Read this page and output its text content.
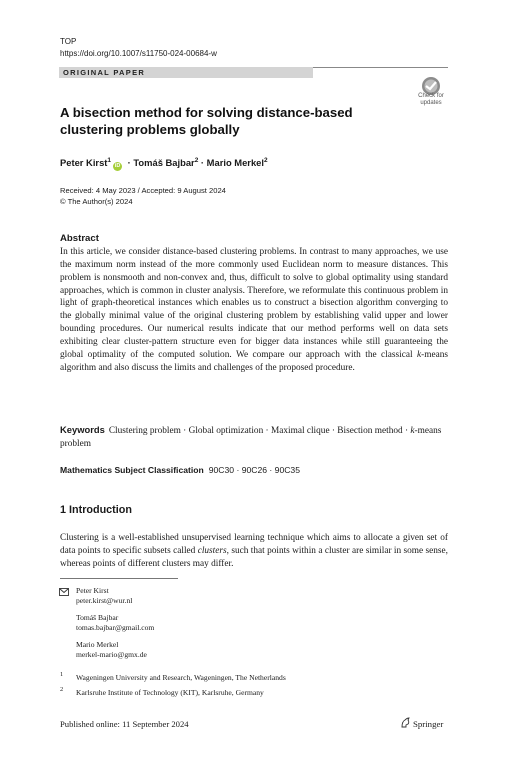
TOP
https://doi.org/10.1007/s11750-024-00684-w
ORIGINAL PAPER
Check for updates
A bisection method for solving distance-based clustering problems globally
Peter Kirst$^1$iD · Tomáš Bajbar$^2$ · Mario Merkel$^2$
Received: 4 May 2023 / Accepted: 9 August 2024
© The Author(s) 2024
Abstract
In this article, we consider distance-based clustering problems. In contrast to many approaches, we use the maximum norm instead of the more commonly used Euclidean norm to measure distances. This problem is nonsmooth and non-convex and, thus, difficult to solve to global optimality using standard approaches, which is common in cluster analysis. Therefore, we reformulate this continuous problem in light of graph-theoretical instances which enables us to construct a bisection algorithm converging to the globally minimal value of the original clustering problem by establishing valid upper and lower bounding procedures. Our numerical results indicate that our method performs well on data sets exhibiting clear cluster-pattern structure even for bigger data instances while still guaranteeing the global optimality of the computed solution. We compare our approach with the classical k-means algorithm and also discuss the limits and challenges of the proposed procedure.
Keywords Clustering problem · Global optimization · Maximal clique · Bisection method · k-means problem
Mathematics Subject Classification 90C30 · 90C26 · 90C35
1 Introduction
Clustering is a well-established unsupervised learning technique which aims to allocate a given set of data points to specific subsets called clusters, such that points within a cluster are similar in some sense, whereas points of different clusters may differ.
Peter Kirst
peter.kirst@wur.nl
Tomáš Bajbar
tomas.bajbar@gmail.com
Mario Merkel
merkel-mario@gmx.de
1 Wageningen University and Research, Wageningen, The Netherlands
2 Karlsruhe Institute of Technology (KIT), Karlsruhe, Germany
Published online: 11 September 2024	Springer
